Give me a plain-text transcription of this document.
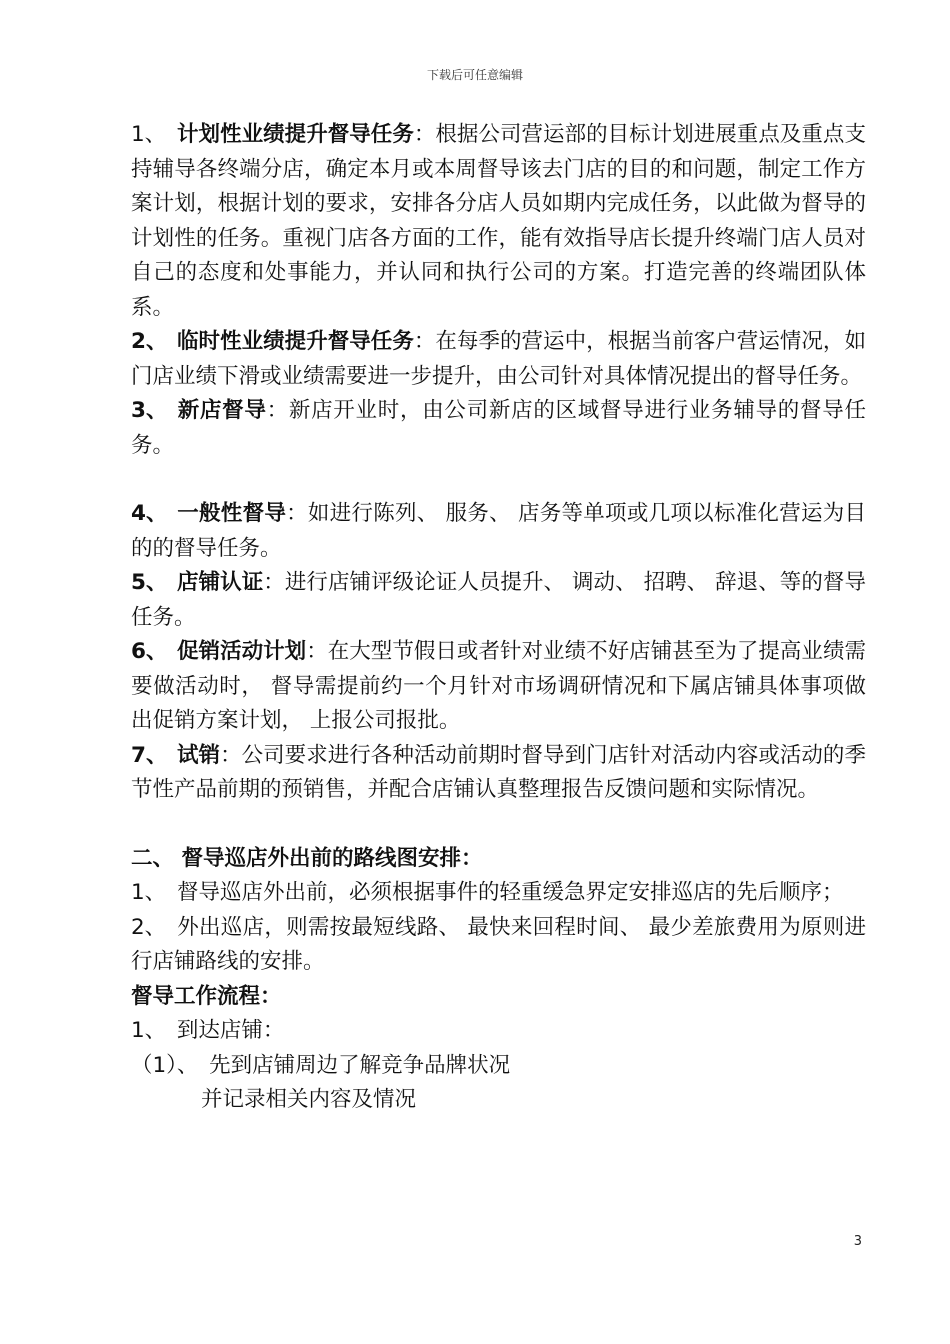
下载后可任意编辑

1、 计划性业绩提升督导任务：根据公司营运部的目标计划进展重点及重点支持辅导各终端分店，确定本月或本周督导该去门店的目的和问题，制定工作方案计划，根据计划的要求，安排各分店人员如期内完成任务，以此做为督导的计划性的任务。重视门店各方面的工作，能有效指导店长提升终端门店人员对自己的态度和处事能力，并认同和执行公司的方案。打造完善的终端团队体系。

2、 临时性业绩提升督导任务：在每季的营运中，根据当前客户营运情况，如门店业绩下滑或业绩需要进一步提升，由公司针对具体情况提出的督导任务。

3、 新店督导：新店开业时，由公司新店的区域督导进行业务辅导的督导任务。

4、 一般性督导：如进行陈列、 服务、 店务等单项或几项以标准化营运为目的的督导任务。

5、 店铺认证：进行店铺评级论证人员提升、 调动、 招聘、 辞退、等的督导任务。

6、 促销活动计划：在大型节假日或者针对业绩不好店铺甚至为了提高业绩需要做活动时， 督导需提前约一个月针对市场调研情况和下属店铺具体事项做出促销方案计划， 上报公司报批。

7、 试销：公司要求进行各种活动前期时督导到门店针对活动内容或活动的季节性产品前期的预销售，并配合店铺认真整理报告反馈问题和实际情况。

二、 督导巡店外出前的路线图安排：

1、 督导巡店外出前，必须根据事件的轻重缓急界定安排巡店的先后顺序；

2、 外出巡店，则需按最短线路、 最快来回程时间、 最少差旅费用为原则进行店铺路线的安排。

督导工作流程：

1、　到达店铺：

（1）、　先到店铺周边了解竞争品牌状况

并记录相关内容及情况

3
